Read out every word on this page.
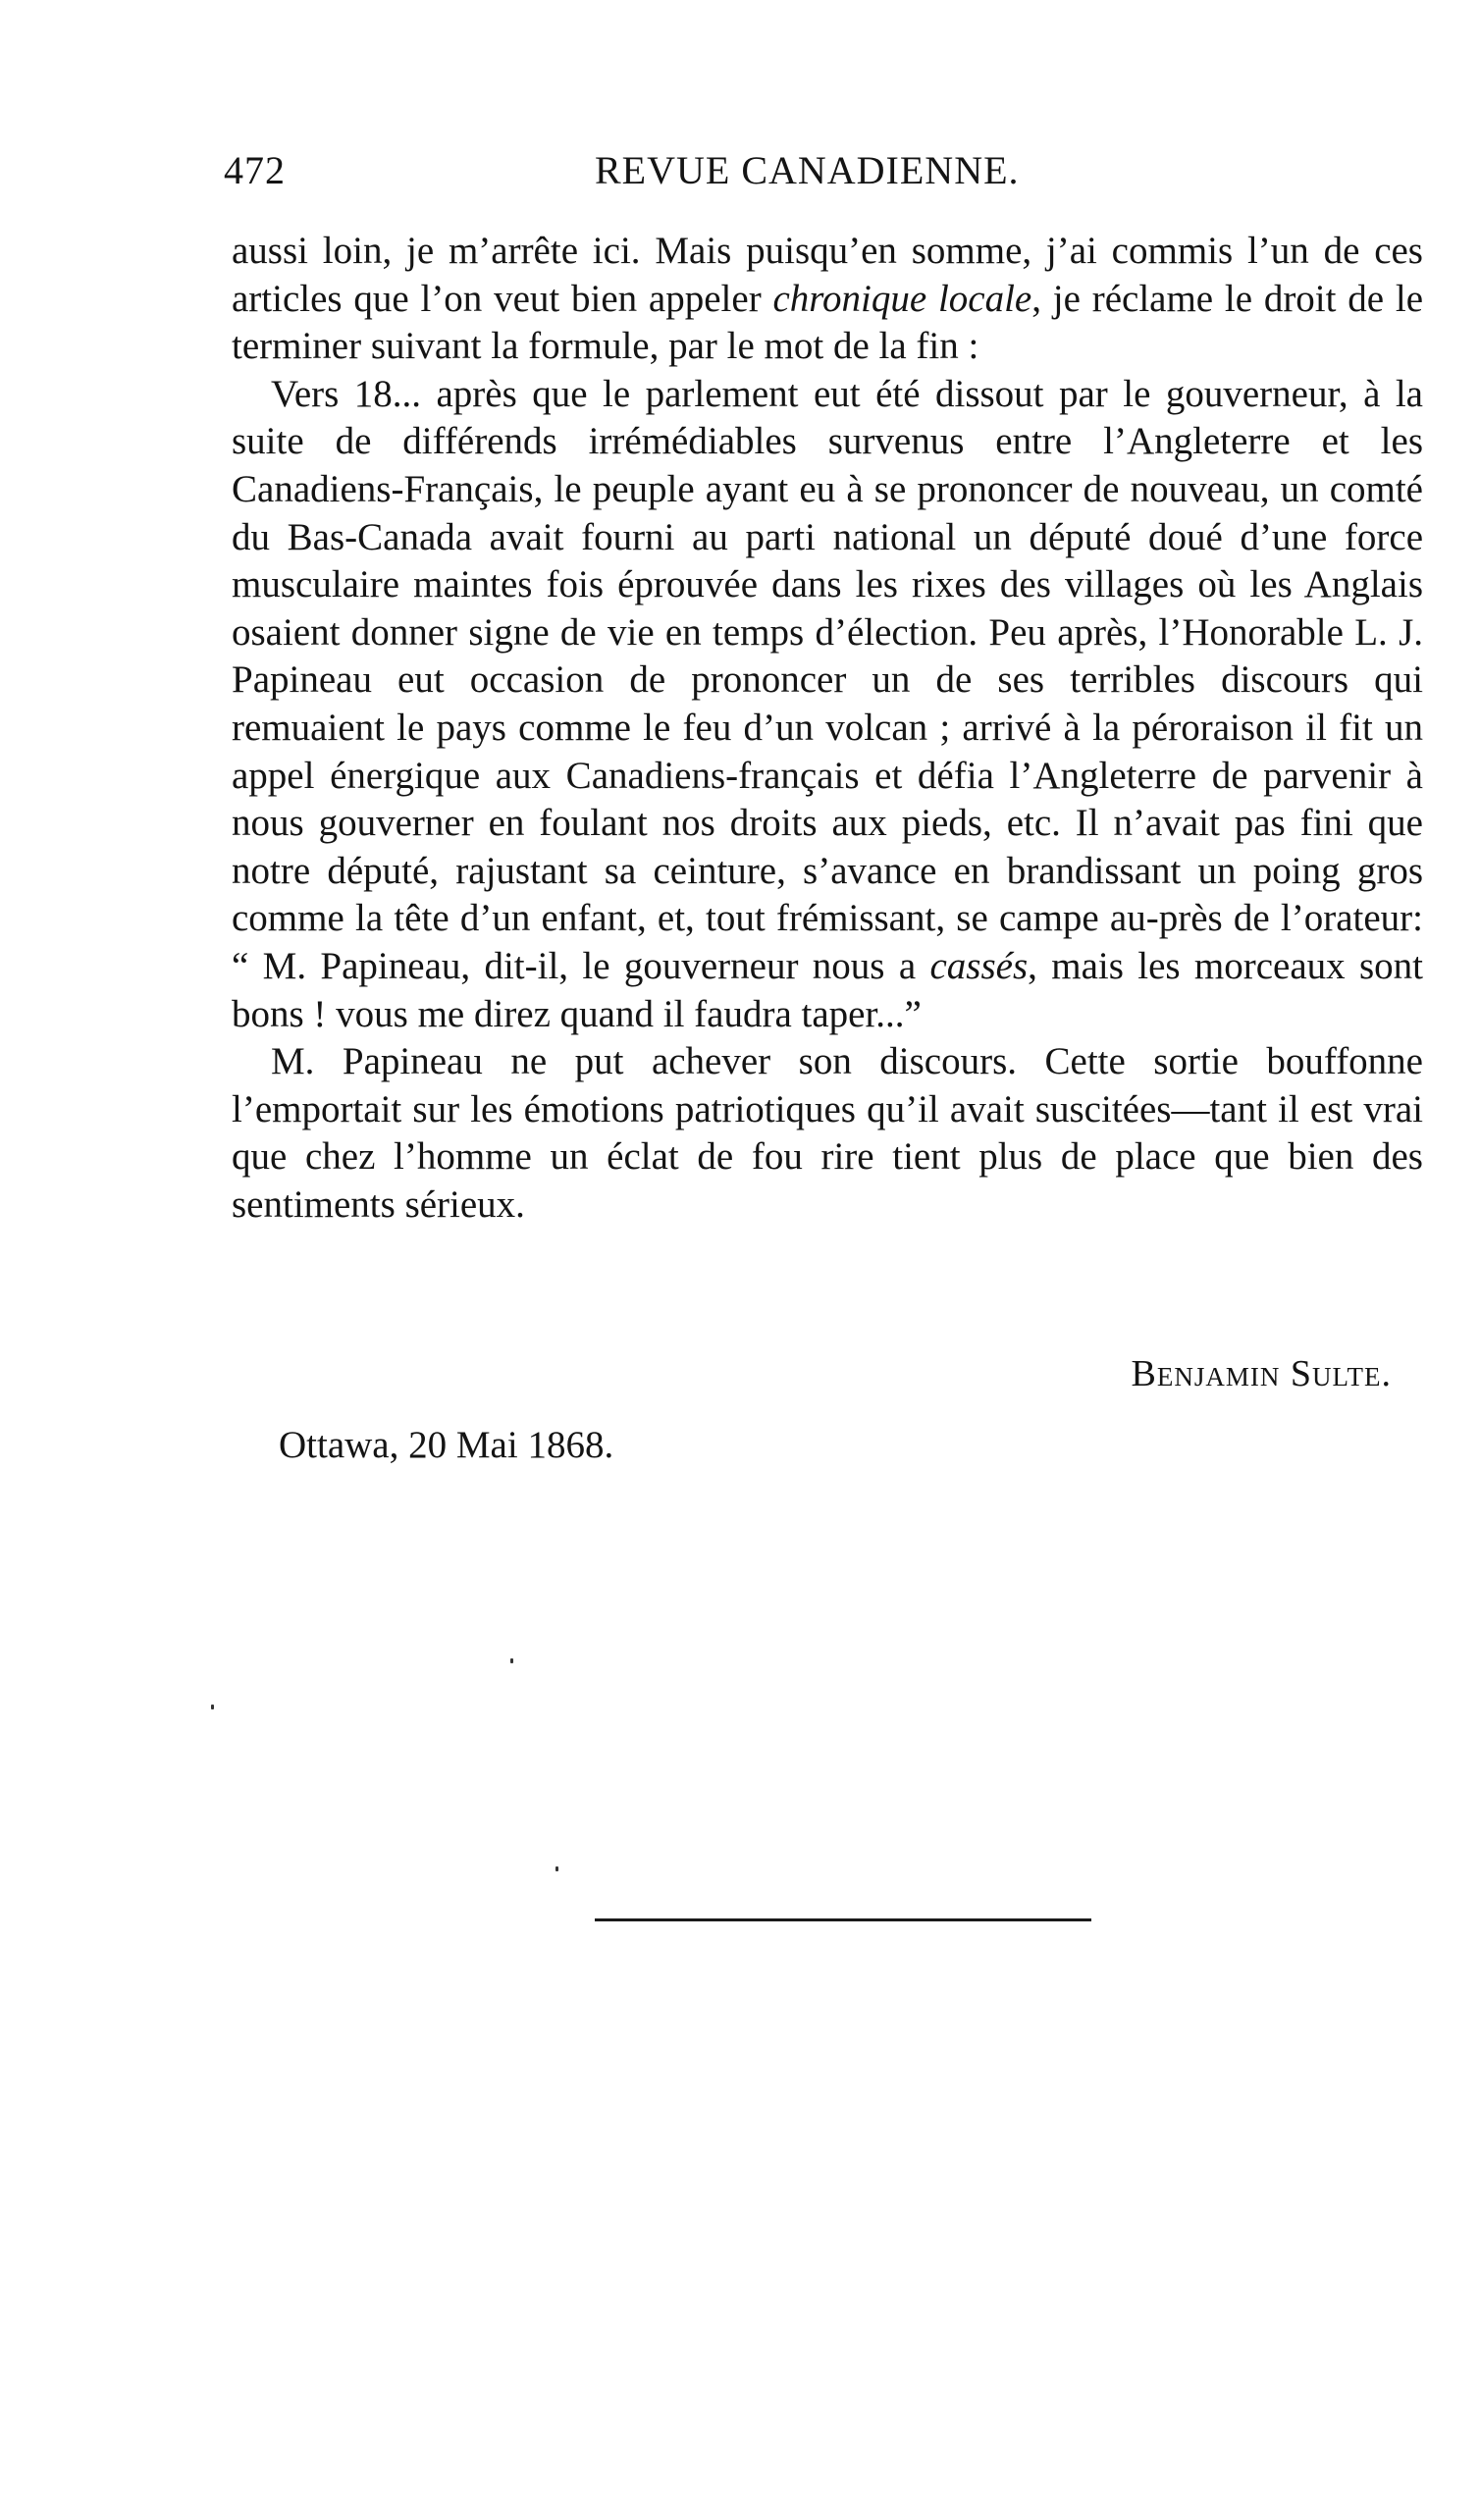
472	REVUE CANADIENNE.

aussi loin, je m’arrête ici. Mais puisqu’en somme, j’ai commis l’un de ces articles que l’on veut bien appeler chronique locale, je réclame le droit de le terminer suivant la formule, par le mot de la fin :

Vers 18... après que le parlement eut été dissout par le gouverneur, à la suite de différends irrémédiables survenus entre l’Angleterre et les Canadiens-Français, le peuple ayant eu à se prononcer de nouveau, un comté du Bas-Canada avait fourni au parti national un député doué d’une force musculaire maintes fois éprouvée dans les rixes des villages où les Anglais osaient donner signe de vie en temps d’élection. Peu après, l’Honorable L. J. Papineau eut occasion de prononcer un de ses terribles discours qui remuaient le pays comme le feu d’un volcan ; arrivé à la péroraison il fit un appel énergique aux Canadiens-français et défia l’Angleterre de parvenir à nous gouverner en foulant nos droits aux pieds, etc. Il n’avait pas fini que notre député, rajustant sa ceinture, s’avance en brandissant un poing gros comme la tête d’un enfant, et, tout frémissant, se campe au-près de l’orateur: “ M. Papineau, dit-il, le gouverneur nous a cassés, mais les morceaux sont bons ! vous me direz quand il faudra taper...”

M. Papineau ne put achever son discours. Cette sortie bouffonne l’emportait sur les émotions patriotiques qu’il avait suscitées—tant il est vrai que chez l’homme un éclat de fou rire tient plus de place que bien des sentiments sérieux.

Benjamin Sulte.
Ottawa, 20 Mai 1868.
